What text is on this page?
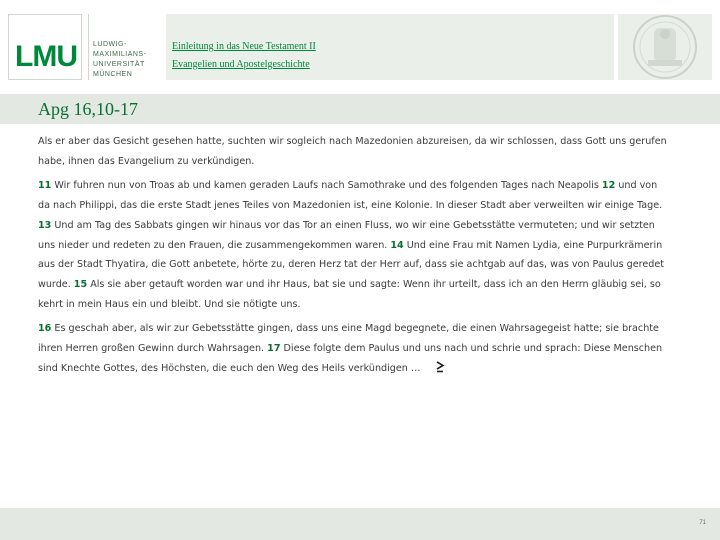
LMU LUDWIG-
MAXIMILIANS-
UNIVERSITÄT
MÜNCHEN
Einleitung in das Neue Testament II
Evangelien und Apostelgeschichte
Apg 16,10-17

Als er aber das Gesicht gesehen hatte, suchten wir sogleich nach Mazedonien abzureisen, da wir schlossen, dass Gott uns gerufen habe, ihnen das Evangelium zu verkündigen.

11 Wir fuhren nun von Troas ab und kamen geraden Laufs nach Samothrake und des folgenden Tages nach Neapolis 12 und von da nach Philippi, das die erste Stadt jenes Teiles von Mazedonien ist, eine Kolonie. In dieser Stadt aber verweilten wir einige Tage. 13 Und am Tag des Sabbats gingen wir hinaus vor das Tor an einen Fluss, wo wir eine Gebetsstätte vermuteten; und wir setzten uns nieder und redeten zu den Frauen, die zusammengekommen waren. 14 Und eine Frau mit Namen Lydia, eine Purpurkrämerin aus der Stadt Thyatira, die Gott anbetete, hörte zu, deren Herz tat der Herr auf, dass sie achtgab auf das, was von Paulus geredet wurde. 15 Als sie aber getauft worden war und ihr Haus, bat sie und sagte: Wenn ihr urteilt, dass ich an den Herrn gläubig sei, so kehrt in mein Haus ein und bleibt. Und sie nötigte uns.

16 Es geschah aber, als wir zur Gebetsstätte gingen, dass uns eine Magd begegnete, die einen Wahrsagegeist hatte; sie brachte ihren Herren großen Gewinn durch Wahrsagen. 17 Diese folgte dem Paulus und uns nach und schrie und sprach: Diese Menschen sind Knechte Gottes, des Höchsten, die euch den Weg des Heils verkündigen …

71
